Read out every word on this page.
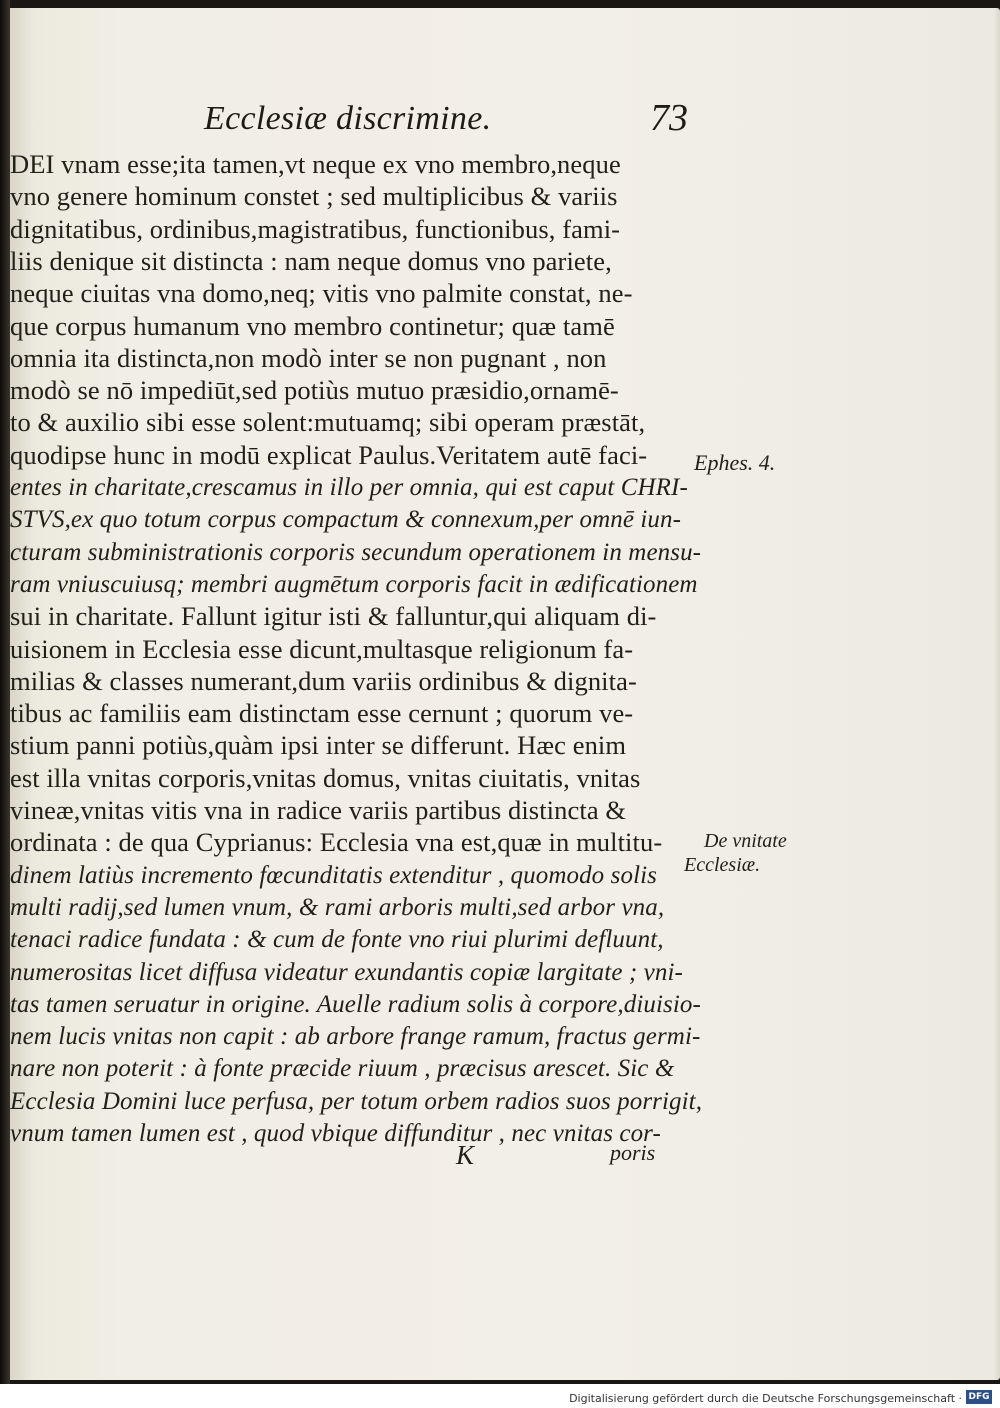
Ecclesiæ discrimine.	73
DEI vnam esse;ita tamen,vt neque ex vno membro,neque
vno genere hominum constet ; sed multiplicibus & variis
dignitatibus, ordinibus,magistratibus, functionibus, fami-
liis denique sit distincta : nam neque domus vno pariete,
neque ciuitas vna domo,neq; vitis vno palmite constat, ne-
que corpus humanum vno membro continetur; quæ tamē
omnia ita distincta,non modò inter se non pugnant , non
modò se nō impediūt,sed potiùs mutuo præsidio,ornamē-
to & auxilio sibi esse solent:mutuamq; sibi operam præstāt,
quodipse hunc in modū explicat Paulus.Veritatem autē faci-
entes in charitate,crescamus in illo per omnia, qui est caput CHRI-
STVS,ex quo totum corpus compactum & connexum,per omnē iun-
cturam subministrationis corporis secundum operationem in mensu-
ram vniuscuiusq; membri augmētum corporis facit in ædificationem
sui in charitate. Fallunt igitur isti & falluntur,qui aliquam di-
uisionem in Ecclesia esse dicunt,multasque religionum fa-
milias & classes numerant,dum variis ordinibus & dignita-
tibus ac familiis eam distinctam esse cernunt ; quorum ve-
stium panni potiùs,quàm ipsi inter se differunt. Hæc enim
est illa vnitas corporis,vnitas domus, vnitas ciuitatis, vnitas
vineæ,vnitas vitis vna in radice variis partibus distincta &
ordinata : de qua Cyprianus: Ecclesia vna est,quæ in multitu-
dinem latiùs incremento fœcunditatis extenditur , quomodo solis
multi radij,sed lumen vnum, & rami arboris multi,sed arbor vna,
tenaci radice fundata : & cum de fonte vno riui plurimi defluunt,
numerositas licet diffusa videatur exundantis copiæ largitate ; vni-
tas tamen seruatur in origine. Auelle radium solis à corpore,diuisio-
nem lucis vnitas non capit : ab arbore frange ramum, fractus germi-
nare non poterit : à fonte præcide riuum , præcisus arescet. Sic &
Ecclesia Domini luce perfusa, per totum orbem radios suos porrigit,
vnum tamen lumen est , quod vbique diffunditur , nec vnitas cor-
Ephes. 4.
De vnitate
Ecclesiæ.
K	poris
Digitalisierung gefördert durch die Deutsche Forschungsgemeinschaft · DFG
